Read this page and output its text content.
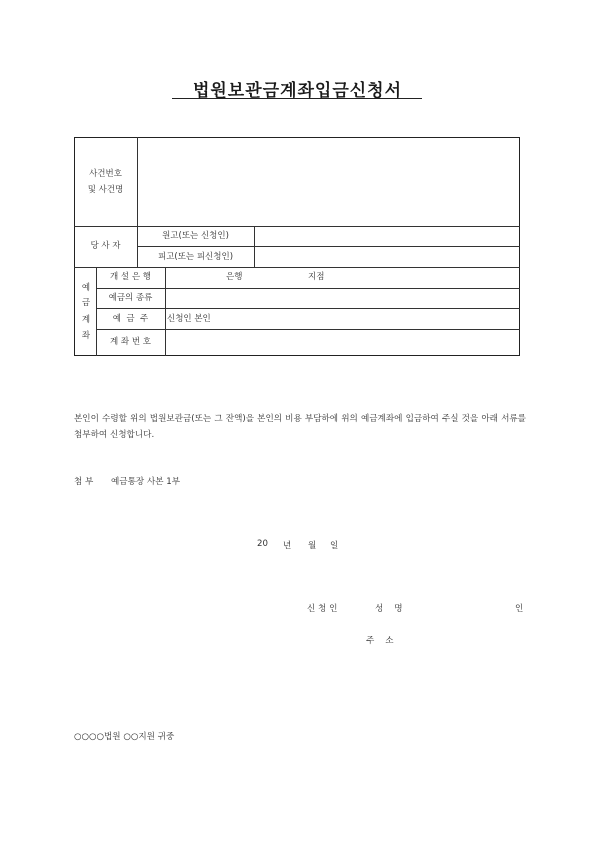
법원보관금계좌입금신청서
사건번호
및 사건명
당 사 자
원고(또는 신청인)
피고(또는 피신청인)
예
금
계
좌
개 설 은 행	은행	지점
예금의 종류
예  금  주	신청인 본인
계 좌 번 호
본인이 수령할 위의 법원보관금(또는 그 잔액)을 본인의 비용 부담하에 위의 예금계좌에 입금하여 주실 것을 아래 서류를 첨부하여 신청합니다.
첨 부 예금통장 사본 1부
20 년 월 일
신 청 인	성    명	인
주    소
○○○○법원 ○○지원 귀중
